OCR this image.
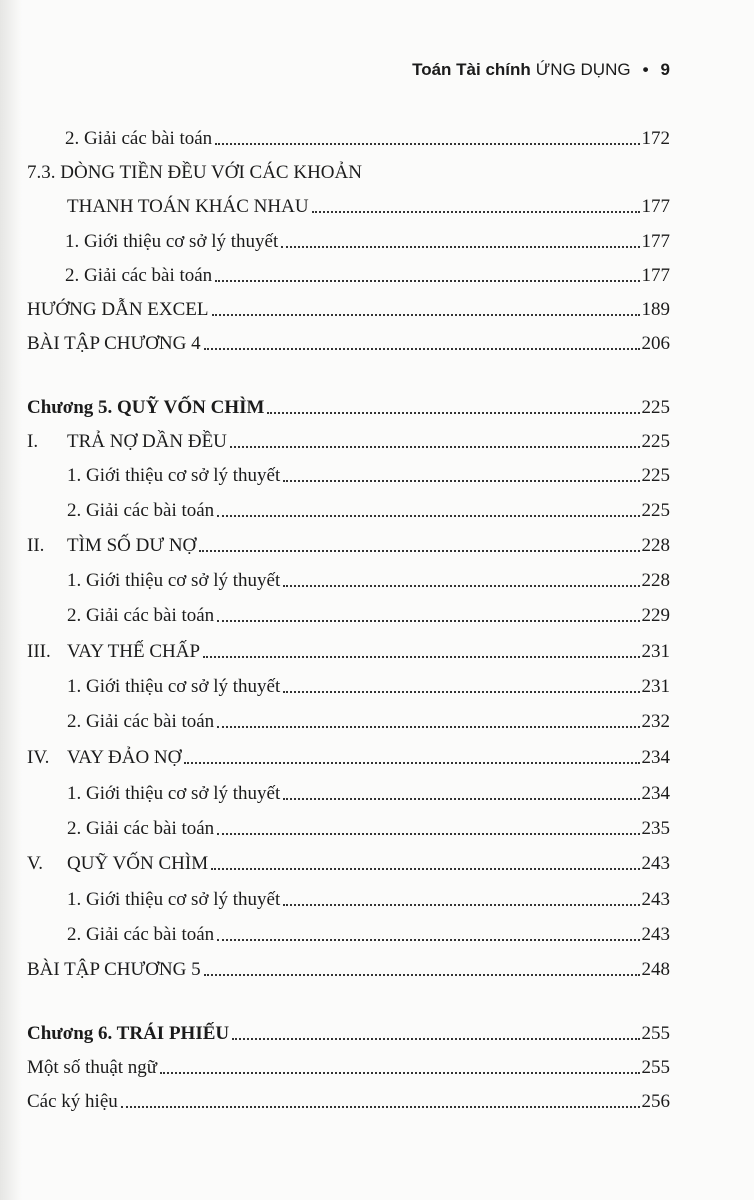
Toán Tài chính ỨNG DỤNG • 9
2. Giải các bài toán	172
7.3. DÒNG TIỀN ĐỀU VỚI CÁC KHOẢN
THANH TOÁN KHÁC NHAU	177
1. Giới thiệu cơ sở lý thuyết	177
2. Giải các bài toán	177
HƯỚNG DẪN EXCEL	189
BÀI TẬP CHƯƠNG 4	206
Chương 5. QUỸ VỐN CHÌM	225
I. TRẢ NỢ DẦN ĐỀU	225
1. Giới thiệu cơ sở lý thuyết	225
2. Giải các bài toán	225
II. TÌM SỐ DƯ NỢ	228
1. Giới thiệu cơ sở lý thuyết	228
2. Giải các bài toán	229
III. VAY THẾ CHẤP	231
1. Giới thiệu cơ sở lý thuyết	231
2. Giải các bài toán	232
IV. VAY ĐẢO NỢ	234
1. Giới thiệu cơ sở lý thuyết	234
2. Giải các bài toán	235
V. QUỸ VỐN CHÌM	243
1. Giới thiệu cơ sở lý thuyết	243
2. Giải các bài toán	243
BÀI TẬP CHƯƠNG 5	248
Chương 6. TRÁI PHIẾU	255
Một số thuật ngữ	255
Các ký hiệu	256
